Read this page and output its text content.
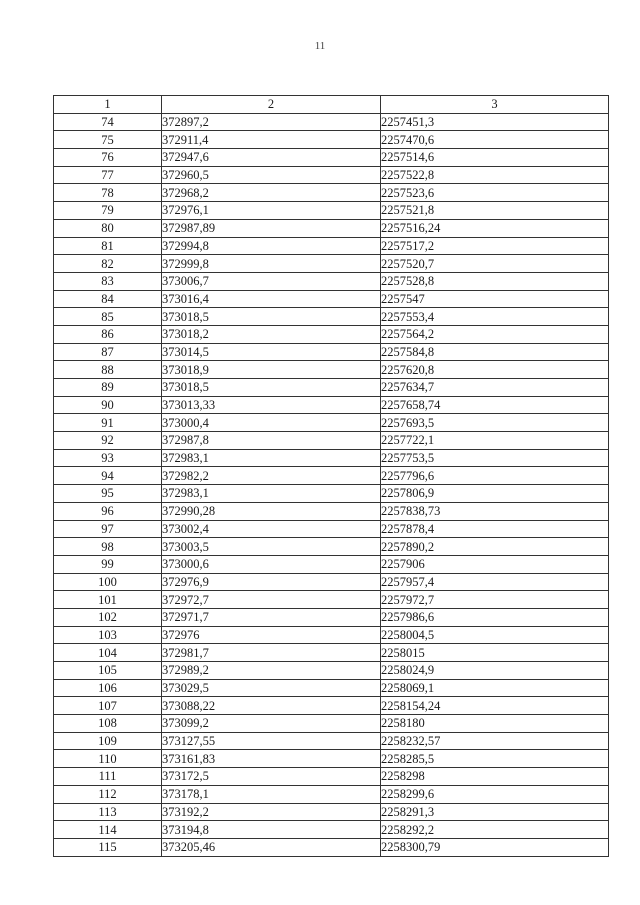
11
1	2	3
74	372897,2	2257451,3
75	372911,4	2257470,6
76	372947,6	2257514,6
77	372960,5	2257522,8
78	372968,2	2257523,6
79	372976,1	2257521,8
80	372987,89	2257516,24
81	372994,8	2257517,2
82	372999,8	2257520,7
83	373006,7	2257528,8
84	373016,4	2257547
85	373018,5	2257553,4
86	373018,2	2257564,2
87	373014,5	2257584,8
88	373018,9	2257620,8
89	373018,5	2257634,7
90	373013,33	2257658,74
91	373000,4	2257693,5
92	372987,8	2257722,1
93	372983,1	2257753,5
94	372982,2	2257796,6
95	372983,1	2257806,9
96	372990,28	2257838,73
97	373002,4	2257878,4
98	373003,5	2257890,2
99	373000,6	2257906
100	372976,9	2257957,4
101	372972,7	2257972,7
102	372971,7	2257986,6
103	372976	2258004,5
104	372981,7	2258015
105	372989,2	2258024,9
106	373029,5	2258069,1
107	373088,22	2258154,24
108	373099,2	2258180
109	373127,55	2258232,57
110	373161,83	2258285,5
111	373172,5	2258298
112	373178,1	2258299,6
113	373192,2	2258291,3
114	373194,8	2258292,2
115	373205,46	2258300,79
